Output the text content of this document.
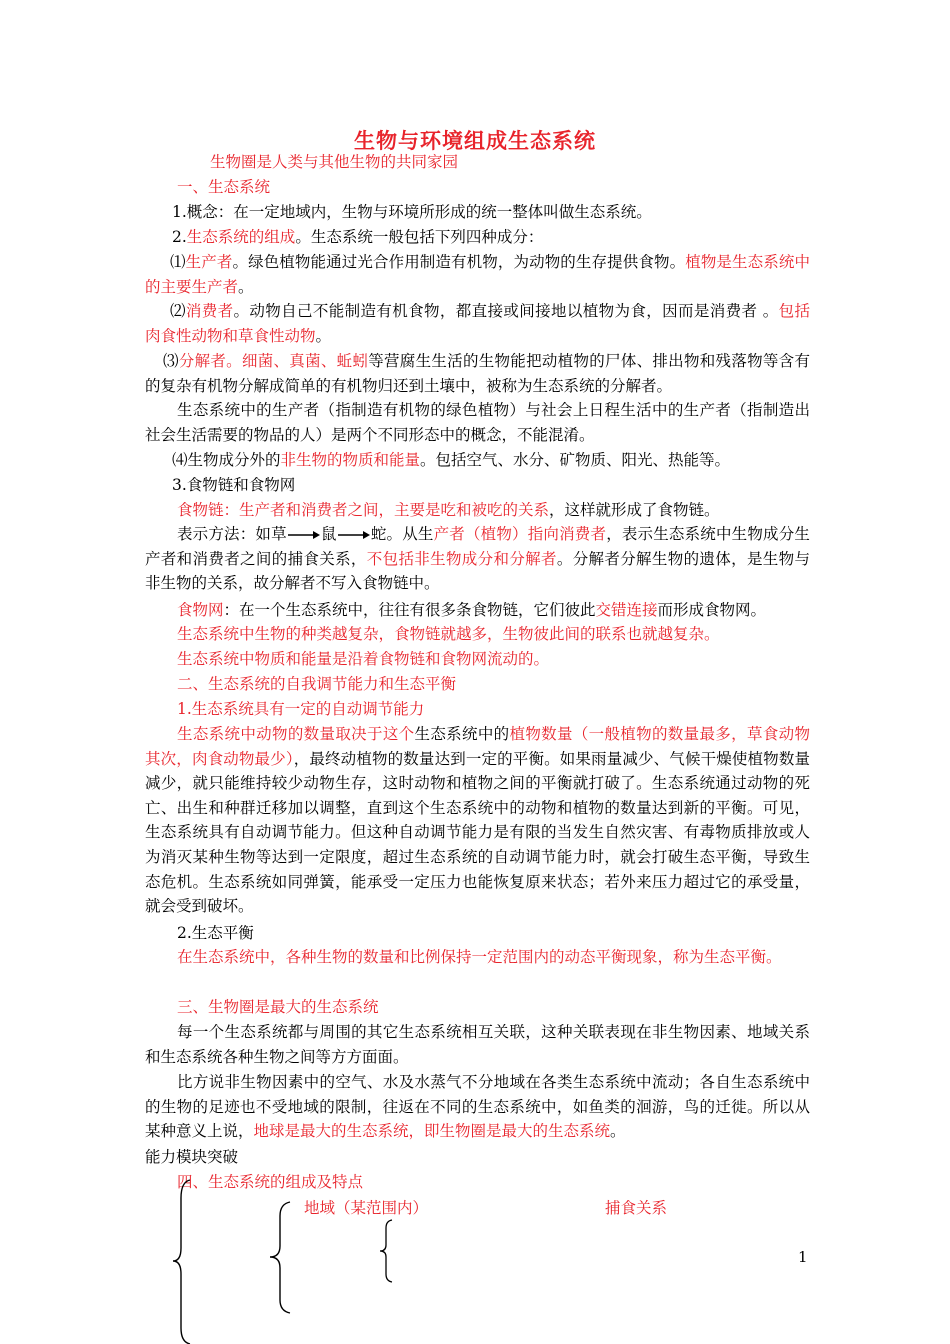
生物与环境组成生态系统
生物圈是人类与其他生物的共同家园
一、生态系统
1.概念：在一定地域内，生物与环境所形成的统一整体叫做生态系统。
2.生态系统的组成。生态系统一般包括下列四种成分：
⑴生产者。绿色植物能通过光合作用制造有机物，为动物的生存提供食物。植物是生态系统中的主要生产者。
⑵消费者。动物自己不能制造有机食物，都直接或间接地以植物为食，因而是消费者 。包括肉食性动物和草食性动物。
⑶分解者。细菌、真菌、蚯蚓等营腐生生活的生物能把动植物的尸体、排出物和残落物等含有的复杂有机物分解成简单的有机物归还到土壤中，被称为生态系统的分解者。
生态系统中的生产者（指制造有机物的绿色植物）与社会上日程生活中的生产者（指制造出社会生活需要的物品的人）是两个不同形态中的概念，不能混淆。
⑷生物成分外的非生物的物质和能量。包括空气、水分、矿物质、阳光、热能等。
3.食物链和食物网
食物链：生产者和消费者之间，主要是吃和被吃的关系，这样就形成了食物链。
表示方法：如草 鼠 蛇。从生产者（植物）指向消费者，表示生态系统中生物成分生产者和消费者之间的捕食关系，不包括非生物成分和分解者。分解者分解生物的遗体，是生物与非生物的关系，故分解者不写入食物链中。
食物网：在一个生态系统中，往往有很多条食物链，它们彼此交错连接而形成食物网。
生态系统中生物的种类越复杂，食物链就越多，生物彼此间的联系也就越复杂。
生态系统中物质和能量是沿着食物链和食物网流动的。
二、生态系统的自我调节能力和生态平衡
1.生态系统具有一定的自动调节能力
生态系统中动物的数量取决于这个生态系统中的植物数量（一般植物的数量最多，草食动物其次，肉食动物最少），最终动植物的数量达到一定的平衡。如果雨量减少、气候干燥使植物数量减少，就只能维持较少动物生存，这时动物和植物之间的平衡就打破了。生态系统通过动物的死亡、出生和种群迁移加以调整，直到这个生态系统中的动物和植物的数量达到新的平衡。可见，生态系统具有自动调节能力。但这种自动调节能力是有限的当发生自然灾害、有毒物质排放或人为消灭某种生物等达到一定限度，超过生态系统的自动调节能力时，就会打破生态平衡，导致生态危机。生态系统如同弹簧，能承受一定压力也能恢复原来状态；若外来压力超过它的承受量，就会受到破坏。
2.生态平衡
在生态系统中，各种生物的数量和比例保持一定范围内的动态平衡现象，称为生态平衡。
三、生物圈是最大的生态系统
每一个生态系统都与周围的其它生态系统相互关联，这种关联表现在非生物因素、地域关系和生态系统各种生物之间等方方面面。
比方说非生物因素中的空气、水及水蒸气不分地域在各类生态系统中流动；各自生态系统中的生物的足迹也不受地域的限制，往返在不同的生态系统中，如鱼类的洄游，鸟的迁徙。所以从某种意义上说，地球是最大的生态系统，即生物圈是最大的生态系统。
能力模块突破
四、生态系统的组成及特点
地域（某范围内）	捕食关系
1
